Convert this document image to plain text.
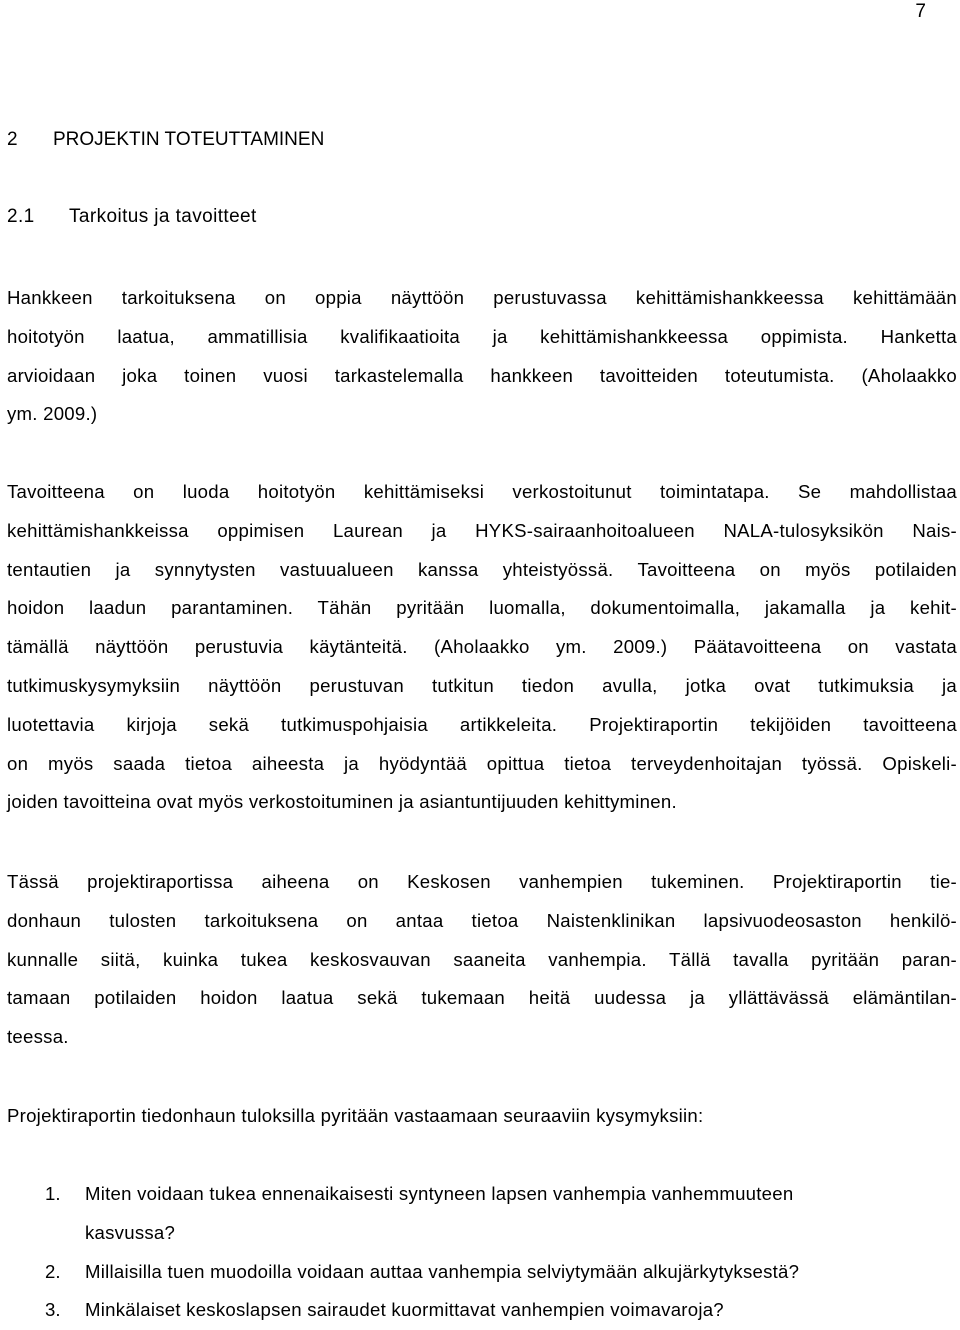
7
2 PROJEKTIN TOTEUTTAMINEN
2.1 Tarkoitus ja tavoitteet
Hankkeen tarkoituksena on oppia näyttöön perustuvassa kehittämishankkeessa kehittämään
hoitotyön laatua, ammatillisia kvalifikaatioita ja kehittämishankkeessa oppimista. Hanketta
arvioidaan joka toinen vuosi tarkastelemalla hankkeen tavoitteiden toteutumista. (Aholaakko
ym. 2009.)
Tavoitteena on luoda hoitotyön kehittämiseksi verkostoitunut toimintatapa. Se mahdollistaa
kehittämishankkeissa oppimisen Laurean ja HYKS-sairaanhoitoalueen NALA-tulosyksikön Nais-
tentautien ja synnytysten vastuualueen kanssa yhteistyössä. Tavoitteena on myös potilaiden
hoidon laadun parantaminen. Tähän pyritään luomalla, dokumentoimalla, jakamalla ja kehit-
tämällä näyttöön perustuvia käytänteitä. (Aholaakko ym. 2009.) Päätavoitteena on vastata
tutkimuskysymyksiin näyttöön perustuvan tutkitun tiedon avulla, jotka ovat tutkimuksia ja
luotettavia kirjoja sekä tutkimuspohjaisia artikkeleita. Projektiraportin tekijöiden tavoitteena
on myös saada tietoa aiheesta ja hyödyntää opittua tietoa terveydenhoitajan työssä. Opiskeli-
joiden tavoitteina ovat myös verkostoituminen ja asiantuntijuuden kehittyminen.
Tässä projektiraportissa aiheena on Keskosen vanhempien tukeminen. Projektiraportin tie-
donhaun tulosten tarkoituksena on antaa tietoa Naistenklinikan lapsivuodeosaston henkilö-
kunnalle siitä, kuinka tukea keskosvauvan saaneita vanhempia. Tällä tavalla pyritään paran-
tamaan potilaiden hoidon laatua sekä tukemaan heitä uudessa ja yllättävässä elämäntilan-
teessa.
Projektiraportin tiedonhaun tuloksilla pyritään vastaamaan seuraaviin kysymyksiin:
1. Miten voidaan tukea ennenaikaisesti syntyneen lapsen vanhempia vanhemmuuteen
kasvussa?
2. Millaisilla tuen muodoilla voidaan auttaa vanhempia selviytymään alkujärkytyksestä?
3. Minkälaiset keskoslapsen sairaudet kuormittavat vanhempien voimavaroja?
